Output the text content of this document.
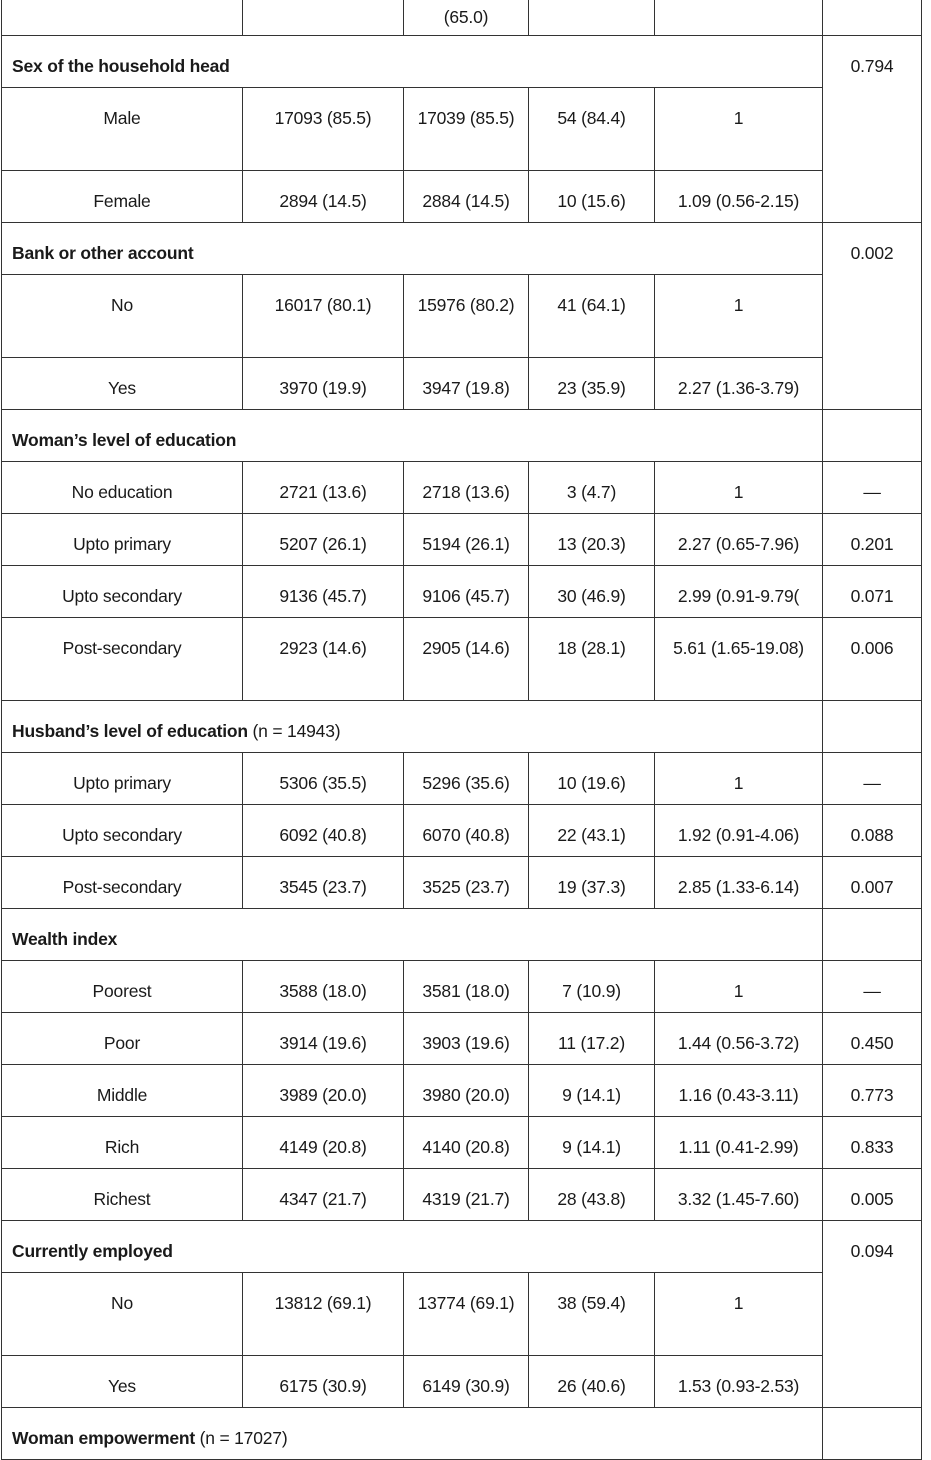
		(65.0)			
Sex of the household head					0.794
Male	17093 (85.5)	17039 (85.5)	54 (84.4)	1	
Female	2894 (14.5)	2884 (14.5)	10 (15.6)	1.09 (0.56-2.15)	
Bank or other account					0.002
No	16017 (80.1)	15976 (80.2)	41 (64.1)	1	
Yes	3970 (19.9)	3947 (19.8)	23 (35.9)	2.27 (1.36-3.79)	
Woman’s level of education					
No education	2721 (13.6)	2718 (13.6)	3 (4.7)	1	—
Upto primary	5207 (26.1)	5194 (26.1)	13 (20.3)	2.27 (0.65-7.96)	0.201
Upto secondary	9136 (45.7)	9106 (45.7)	30 (46.9)	2.99 (0.91-9.79(	0.071
Post-secondary	2923 (14.6)	2905 (14.6)	18 (28.1)	5.61 (1.65-19.08)	0.006
Husband’s level of education (n = 14943)					
Upto primary	5306 (35.5)	5296 (35.6)	10 (19.6)	1	—
Upto secondary	6092 (40.8)	6070 (40.8)	22 (43.1)	1.92 (0.91-4.06)	0.088
Post-secondary	3545 (23.7)	3525 (23.7)	19 (37.3)	2.85 (1.33-6.14)	0.007
Wealth index					
Poorest	3588 (18.0)	3581 (18.0)	7 (10.9)	1	—
Poor	3914 (19.6)	3903 (19.6)	11 (17.2)	1.44 (0.56-3.72)	0.450
Middle	3989 (20.0)	3980 (20.0)	9 (14.1)	1.16 (0.43-3.11)	0.773
Rich	4149 (20.8)	4140 (20.8)	9 (14.1)	1.11 (0.41-2.99)	0.833
Richest	4347 (21.7)	4319 (21.7)	28 (43.8)	3.32 (1.45-7.60)	0.005
Currently employed					0.094
No	13812 (69.1)	13774 (69.1)	38 (59.4)	1	
Yes	6175 (30.9)	6149 (30.9)	26 (40.6)	1.53 (0.93-2.53)	
Woman empowerment (n = 17027)					
